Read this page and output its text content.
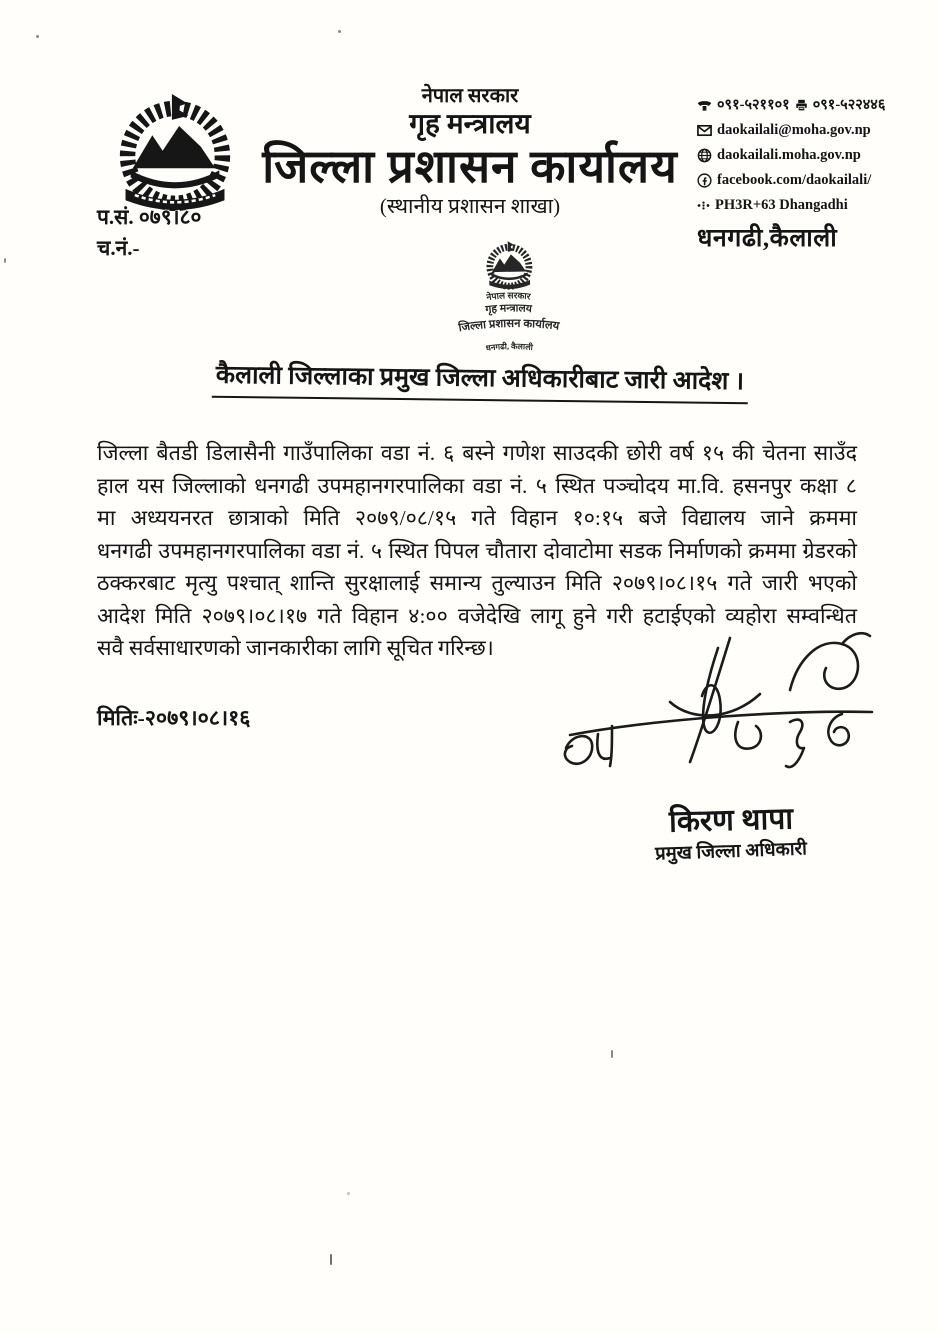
प.सं. ०७९।८०
च.नं.-
नेपाल सरकार
गृह मन्त्रालय
जिल्ला प्रशासन कार्यालय
(स्थानीय प्रशासन शाखा)
०९१-५२११०१ ०९१-५२२४४६
daokailali@moha.gov.np
daokailali.moha.gov.np
facebook.com/daokailali/
PH3R+63 Dhangadhi
धनगढी,कैलाली
नेपाल सरकार
गृह मन्त्रालय
जिल्ला प्रशासन कार्यालय
धनगढी, कैलाली
कैलाली जिल्लाका प्रमुख जिल्ला अधिकारीबाट जारी आदेश ।
जिल्ला बैतडी डिलासैनी गाउँपालिका वडा नं. ६ बस्ने गणेश साउदकी छोरी वर्ष १५ की चेतना साउँद
हाल यस जिल्लाको धनगढी उपमहानगरपालिका वडा नं. ५ स्थित पञ्चोदय मा.वि. हसनपुर कक्षा ८
मा अध्ययनरत छात्राको मिति २०७९/०८/१५ गते विहान १०:१५ बजे विद्यालय जाने क्रममा
धनगढी उपमहानगरपालिका वडा नं. ५ स्थित पिपल चौतारा दोवाटोमा सडक निर्माणको क्रममा ग्रेडरको
ठक्करबाट मृत्यु पश्चात् शान्ति सुरक्षालाई समान्य तुल्याउन मिति २०७९।०८।१५ गते जारी भएको
आदेश मिति २०७९।०८।१७ गते विहान ४:०० वजेदेखि लागू हुने गरी हटाईएको व्यहोरा सम्वन्धित
सवै सर्वसाधारणको जानकारीका लागि सूचित गरिन्छ।
मितिः-२०७९।०८।१६
किरण थापा
प्रमुख जिल्ला अधिकारी
